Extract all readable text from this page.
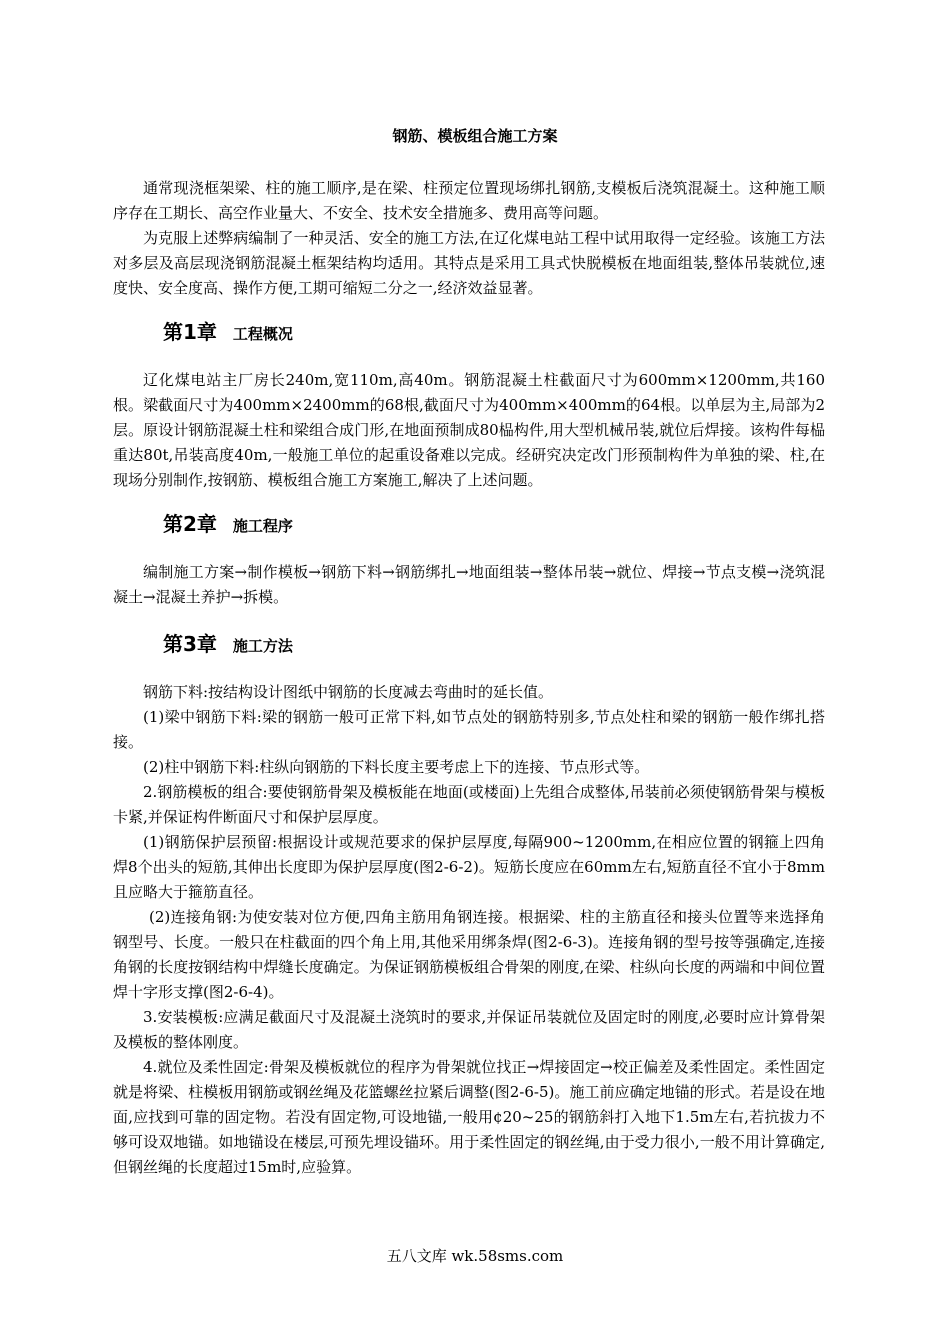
钢筋、模板组合施工方案

通常现浇框架梁、柱的施工顺序,是在梁、柱预定位置现场绑扎钢筋,支模板后浇筑混凝土。这种施工顺序存在工期长、高空作业量大、不安全、技术安全措施多、费用高等问题。

为克服上述弊病编制了一种灵活、安全的施工方法,在辽化煤电站工程中试用取得一定经验。该施工方法对多层及高层现浇钢筋混凝土框架结构均适用。其特点是采用工具式快脱模板在地面组装,整体吊装就位,速度快、安全度高、操作方便,工期可缩短二分之一,经济效益显著。

第1章 工程概况

辽化煤电站主厂房长240m,宽110m,高40m。钢筋混凝土柱截面尺寸为600mm×1200mm,共160根。梁截面尺寸为400mm×2400mm的68根,截面尺寸为400mm×400mm的64根。以单层为主,局部为2层。原设计钢筋混凝土柱和梁组合成门形,在地面预制成80榀构件,用大型机械吊装,就位后焊接。该构件每榀重达80t,吊装高度40m,一般施工单位的起重设备难以完成。经研究决定改门形预制构件为单独的梁、柱,在现场分别制作,按钢筋、模板组合施工方案施工,解决了上述问题。

第2章 施工程序

编制施工方案→制作模板→钢筋下料→钢筋绑扎→地面组装→整体吊装→就位、焊接→节点支模→浇筑混凝土→混凝土养护→拆模。

第3章 施工方法

钢筋下料:按结构设计图纸中钢筋的长度减去弯曲时的延长值。

(1)梁中钢筋下料:梁的钢筋一般可正常下料,如节点处的钢筋特别多,节点处柱和梁的钢筋一般作绑扎搭接。

(2)柱中钢筋下料:柱纵向钢筋的下料长度主要考虑上下的连接、节点形式等。

2.钢筋模板的组合:要使钢筋骨架及模板能在地面(或楼面)上先组合成整体,吊装前必须使钢筋骨架与模板卡紧,并保证构件断面尺寸和保护层厚度。

(1)钢筋保护层预留:根据设计或规范要求的保护层厚度,每隔900~1200mm,在相应位置的钢箍上四角焊8个出头的短筋,其伸出长度即为保护层厚度(图2-6-2)。短筋长度应在60mm左右,短筋直径不宜小于8mm且应略大于箍筋直径。

(2)连接角钢:为使安装对位方便,四角主筋用角钢连接。根据梁、柱的主筋直径和接头位置等来选择角钢型号、长度。一般只在柱截面的四个角上用,其他采用绑条焊(图2-6-3)。连接角钢的型号按等强确定,连接角钢的长度按钢结构中焊缝长度确定。为保证钢筋模板组合骨架的刚度,在梁、柱纵向长度的两端和中间位置焊十字形支撑(图2-6-4)。

3.安装模板:应满足截面尺寸及混凝土浇筑时的要求,并保证吊装就位及固定时的刚度,必要时应计算骨架及模板的整体刚度。

4.就位及柔性固定:骨架及模板就位的程序为骨架就位找正→焊接固定→校正偏差及柔性固定。柔性固定就是将梁、柱模板用钢筋或钢丝绳及花篮螺丝拉紧后调整(图2-6-5)。施工前应确定地锚的形式。若是设在地面,应找到可靠的固定物。若没有固定物,可设地锚,一般用¢20~25的钢筋斜打入地下1.5m左右,若抗拔力不够可设双地锚。如地锚设在楼层,可预先埋设锚环。用于柔性固定的钢丝绳,由于受力很小,一般不用计算确定,但钢丝绳的长度超过15m时,应验算。

五八文库 wk.58sms.com
